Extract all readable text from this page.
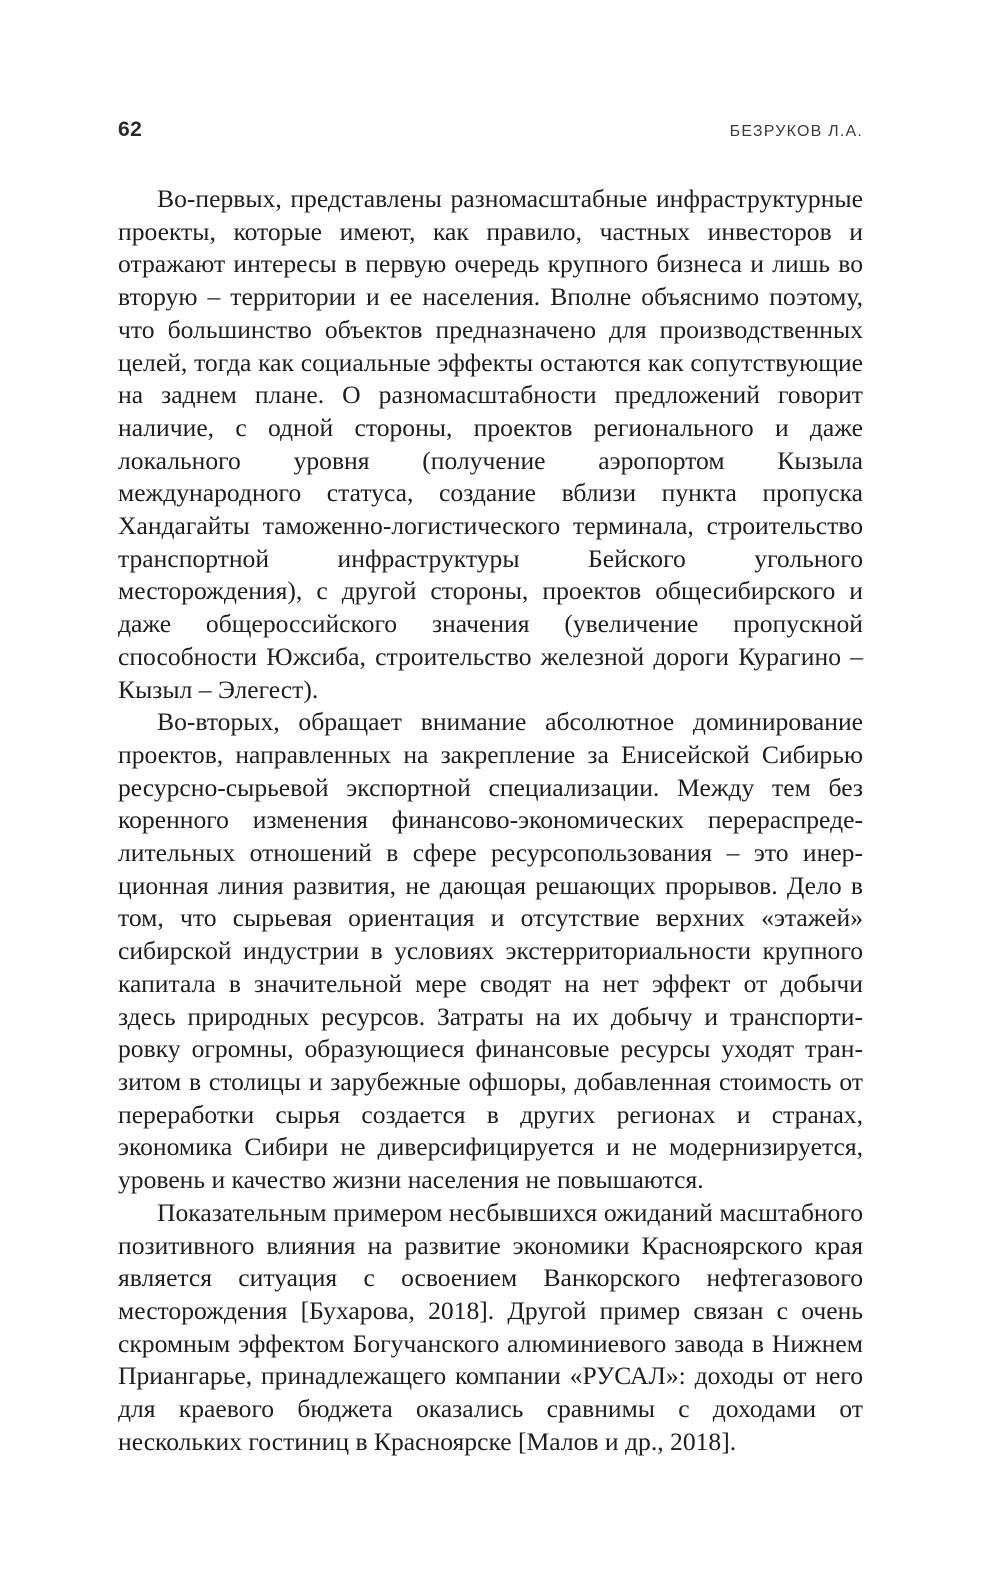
62	БЕЗРУКОВ Л.А.

Во-первых, представлены разномасштабные инфраструктурные проекты, которые имеют, как правило, частных инвесторов и отражают интересы в первую очередь крупного бизнеса и лишь во вторую – территории и ее населения. Вполне объяснимо поэтому, что большинство объектов предназначено для производственных целей, тогда как социальные эффекты остаются как сопутствующие на заднем плане. О разномасштабности предложений говорит наличие, с одной стороны, проектов регионального и даже локального уровня (получение аэропортом Кызыла международного статуса, создание вблизи пункта пропуска Хандагайты таможенно-логистического терминала, строительство транспортной инфраструктуры Бейского угольного месторождения), с другой стороны, проектов общесибирского и даже общероссийского значения (увеличение пропускной способности Южсиба, строительство железной дороги Курагино – Кызыл – Элегест).

Во-вторых, обращает внимание абсолютное доминирование проектов, направленных на закрепление за Енисейской Сибирью ресурсно-сырьевой экспортной специализации. Между тем без коренного изменения финансово-экономических перераспределительных отношений в сфере ресурсопользования – это инерционная линия развития, не дающая решающих прорывов. Дело в том, что сырьевая ориентация и отсутствие верхних «этажей» сибирской индустрии в условиях экстерриториальности крупного капитала в значительной мере сводят на нет эффект от добычи здесь природных ресурсов. Затраты на их добычу и транспортировку огромны, образующиеся финансовые ресурсы уходят транзитом в столицы и зарубежные офшоры, добавленная стоимость от переработки сырья создается в других регионах и странах, экономика Сибири не диверсифицируется и не модернизируется, уровень и качество жизни населения не повышаются.

Показательным примером несбывшихся ожиданий масштабного позитивного влияния на развитие экономики Красноярского края является ситуация с освоением Ванкорского нефтегазового месторождения [Бухарова, 2018]. Другой пример связан с очень скромным эффектом Богучанского алюминиевого завода в Нижнем Приангарье, принадлежащего компании «РУСАЛ»: доходы от него для краевого бюджета оказались сравнимы с доходами от нескольких гостиниц в Красноярске [Малов и др., 2018].
